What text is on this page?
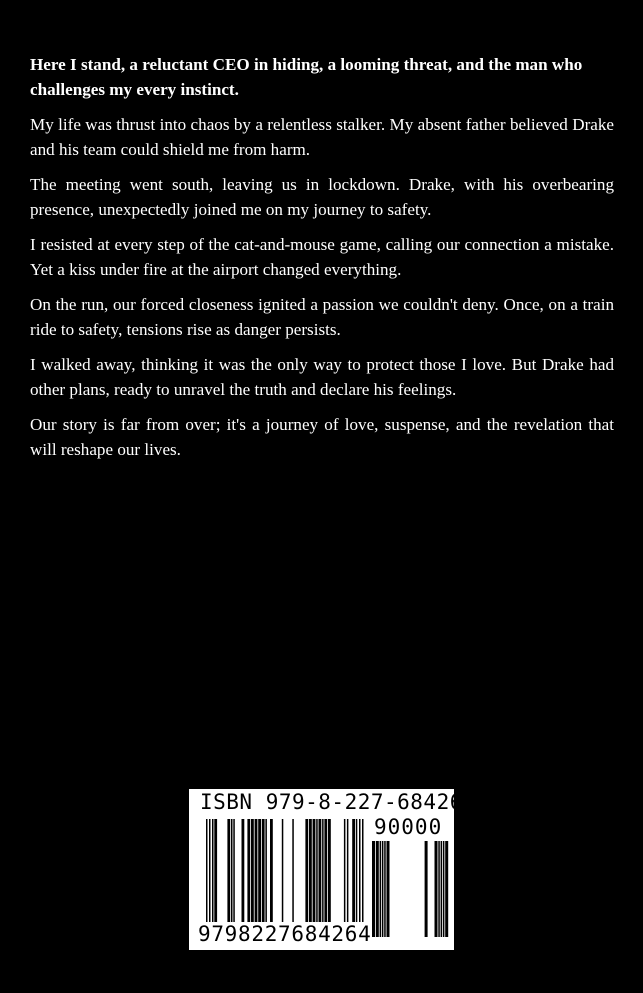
Here I stand, a reluctant CEO in hiding, a looming threat, and the man who challenges my every instinct.

My life was thrust into chaos by a relentless stalker. My absent father believed Drake and his team could shield me from harm.

The meeting went south, leaving us in lockdown. Drake, with his overbearing presence, unexpectedly joined me on my journey to safety.

I resisted at every step of the cat-and-mouse game, calling our connection a mistake. Yet a kiss under fire at the airport changed everything.

On the run, our forced closeness ignited a passion we couldn't deny. Once, on a train ride to safety, tensions rise as danger persists.

I walked away, thinking it was the only way to protect those I love. But Drake had other plans, ready to unravel the truth and declare his feelings.

Our story is far from over; it's a journey of love, suspense, and the revelation that will reshape our lives.

ISBN 979-8-227-68426-4
90000
9798227684264
